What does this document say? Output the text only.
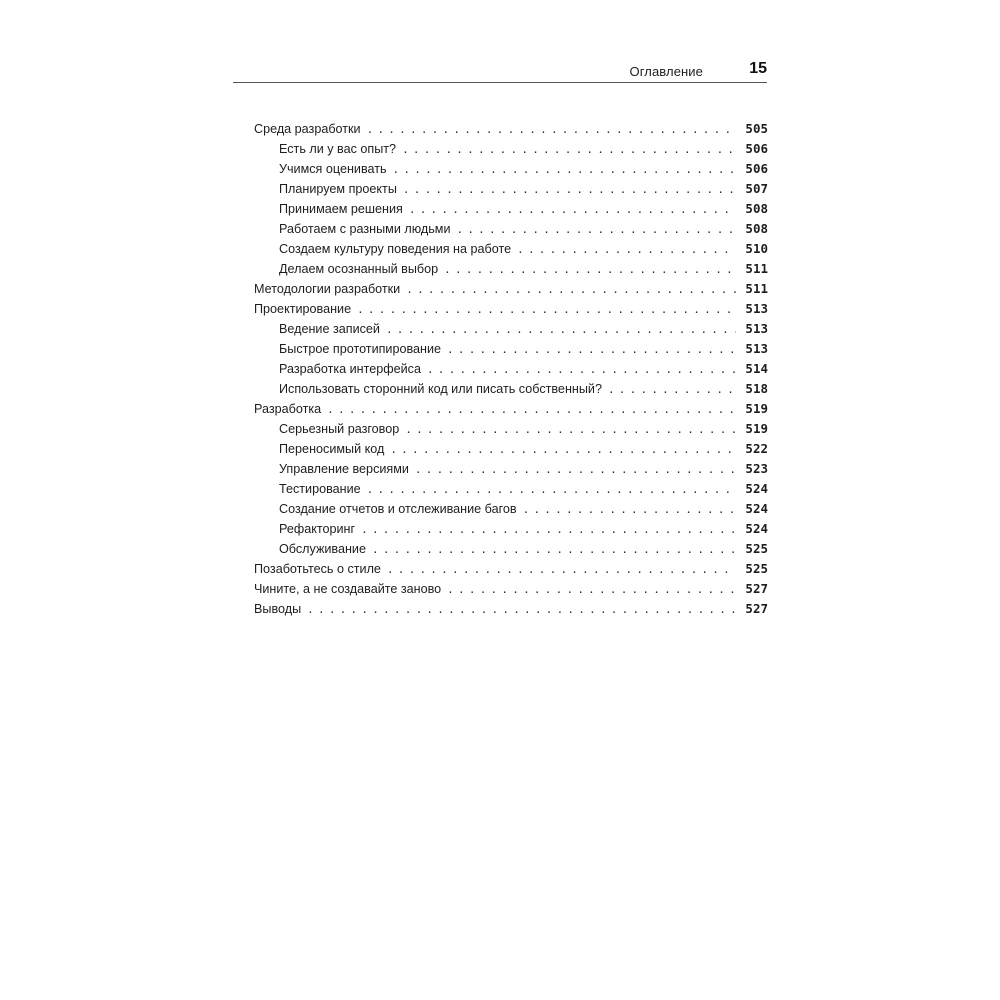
Оглавление	15
Среда разработки . . .	505
Есть ли у вас опыт? . . .	506
Учимся оценивать . . .	506
Планируем проекты . . .	507
Принимаем решения . . .	508
Работаем с разными людьми . . .	508
Создаем культуру поведения на работе . . .	510
Делаем осознанный выбор . . .	511
Методологии разработки . . .	511
Проектирование . . .	513
Ведение записей . . .	513
Быстрое прототипирование . . .	513
Разработка интерфейса . . .	514
Использовать сторонний код или писать собственный? . . .	518
Разработка . . .	519
Серьезный разговор . . .	519
Переносимый код . . .	522
Управление версиями . . .	523
Тестирование . . .	524
Создание отчетов и отслеживание багов . . .	524
Рефакторинг . . .	524
Обслуживание . . .	525
Позаботьтесь о стиле . . .	525
Чините, а не создавайте заново . . .	527
Выводы . . .	527
